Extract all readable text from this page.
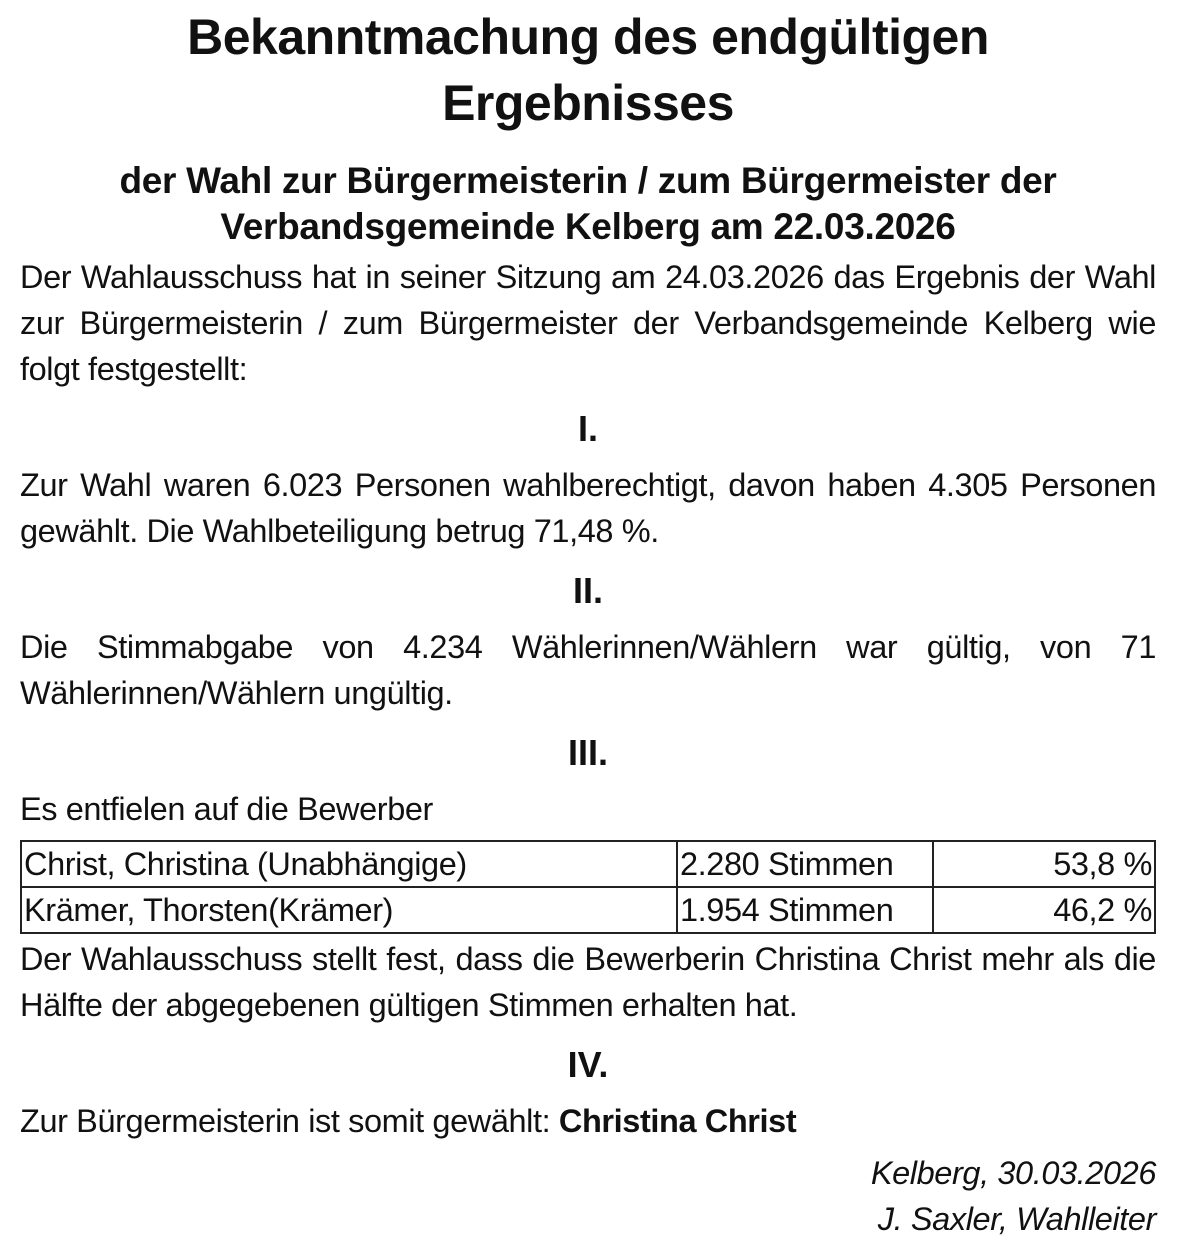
Bekanntmachung des endgültigen
Ergebnisses
der Wahl zur Bürgermeisterin / zum Bürgermeister der
Verbandsgemeinde Kelberg am 22.03.2026

Der Wahlausschuss hat in seiner Sitzung am 24.03.2026 das Ergebnis der Wahl zur Bürgermeisterin / zum Bürgermeister der Verbandsgemeinde Kelberg wie folgt festgestellt:

I.

Zur Wahl waren 6.023 Personen wahlberechtigt, davon haben 4.305 Personen gewählt. Die Wahlbeteiligung betrug 71,48 %.

II.

Die Stimmabgabe von 4.234 Wählerinnen/Wählern war gültig, von 71 Wählerinnen/Wählern ungültig.

III.

Es entfielen auf die Bewerber

Christ, Christina (Unabhängige)	2.280 Stimmen	53,8 %
Krämer, Thorsten(Krämer)	1.954 Stimmen	46,2 %

Der Wahlausschuss stellt fest, dass die Bewerberin Christina Christ mehr als die Hälfte der abgegebenen gültigen Stimmen erhalten hat.

IV.

Zur Bürgermeisterin ist somit gewählt: Christina Christ

Kelberg, 30.03.2026
J. Saxler, Wahlleiter
